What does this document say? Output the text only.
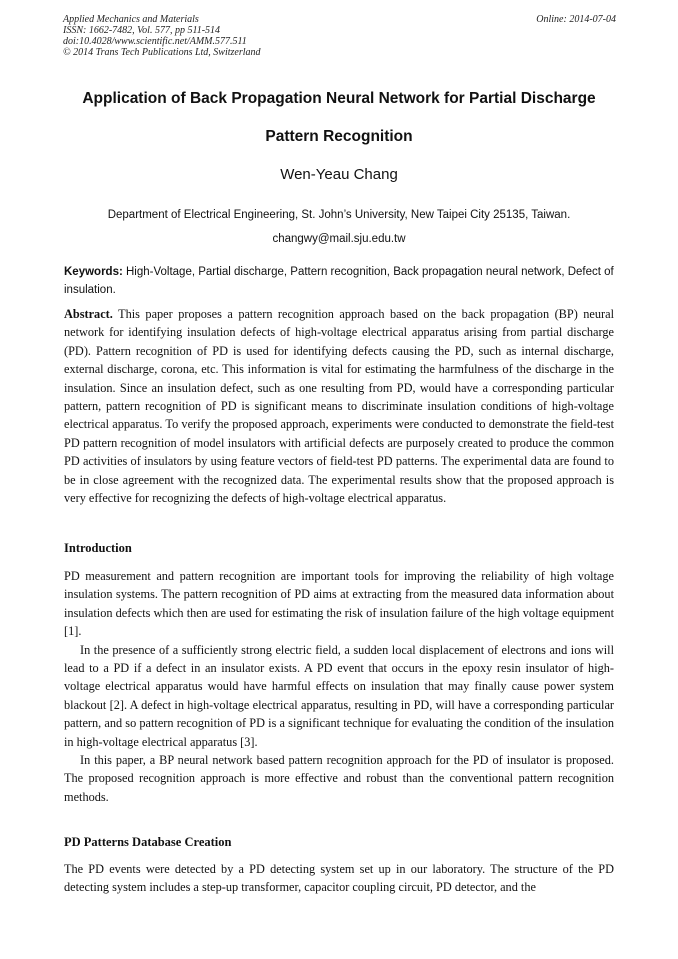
Applied Mechanics and Materials
ISSN: 1662-7482, Vol. 577, pp 511-514
doi:10.4028/www.scientific.net/AMM.577.511
© 2014 Trans Tech Publications Ltd, Switzerland
Online: 2014-07-04
Application of Back Propagation Neural Network for Partial Discharge
Pattern Recognition
Wen-Yeau Chang
Department of Electrical Engineering, St. John’s University, New Taipei City 25135, Taiwan.
changwy@mail.sju.edu.tw
Keywords: High-Voltage, Partial discharge, Pattern recognition, Back propagation neural network, Defect of insulation.
Abstract. This paper proposes a pattern recognition approach based on the back propagation (BP) neural network for identifying insulation defects of high-voltage electrical apparatus arising from partial discharge (PD). Pattern recognition of PD is used for identifying defects causing the PD, such as internal discharge, external discharge, corona, etc. This information is vital for estimating the harmfulness of the discharge in the insulation. Since an insulation defect, such as one resulting from PD, would have a corresponding particular pattern, pattern recognition of PD is significant means to discriminate insulation conditions of high-voltage electrical apparatus. To verify the proposed approach, experiments were conducted to demonstrate the field-test PD pattern recognition of model insulators with artificial defects are purposely created to produce the common PD activities of insulators by using feature vectors of field-test PD patterns. The experimental data are found to be in close agreement with the recognized data. The experimental results show that the proposed approach is very effective for recognizing the defects of high-voltage electrical apparatus.
Introduction

PD measurement and pattern recognition are important tools for improving the reliability of high voltage insulation systems. The pattern recognition of PD aims at extracting from the measured data information about insulation defects which then are used for estimating the risk of insulation failure of the high voltage equipment [1].

In the presence of a sufficiently strong electric field, a sudden local displacement of electrons and ions will lead to a PD if a defect in an insulator exists. A PD event that occurs in the epoxy resin insulator of high-voltage electrical apparatus would have harmful effects on insulation that may finally cause power system blackout [2]. A defect in high-voltage electrical apparatus, resulting in PD, will have a corresponding particular pattern, and so pattern recognition of PD is a significant technique for evaluating the condition of the insulation in high-voltage electrical apparatus [3].

In this paper, a BP neural network based pattern recognition approach for the PD of insulator is proposed. The proposed recognition approach is more effective and robust than the conventional pattern recognition methods.

PD Patterns Database Creation

The PD events were detected by a PD detecting system set up in our laboratory. The structure of the PD detecting system includes a step-up transformer, capacitor coupling circuit, PD detector, and the
